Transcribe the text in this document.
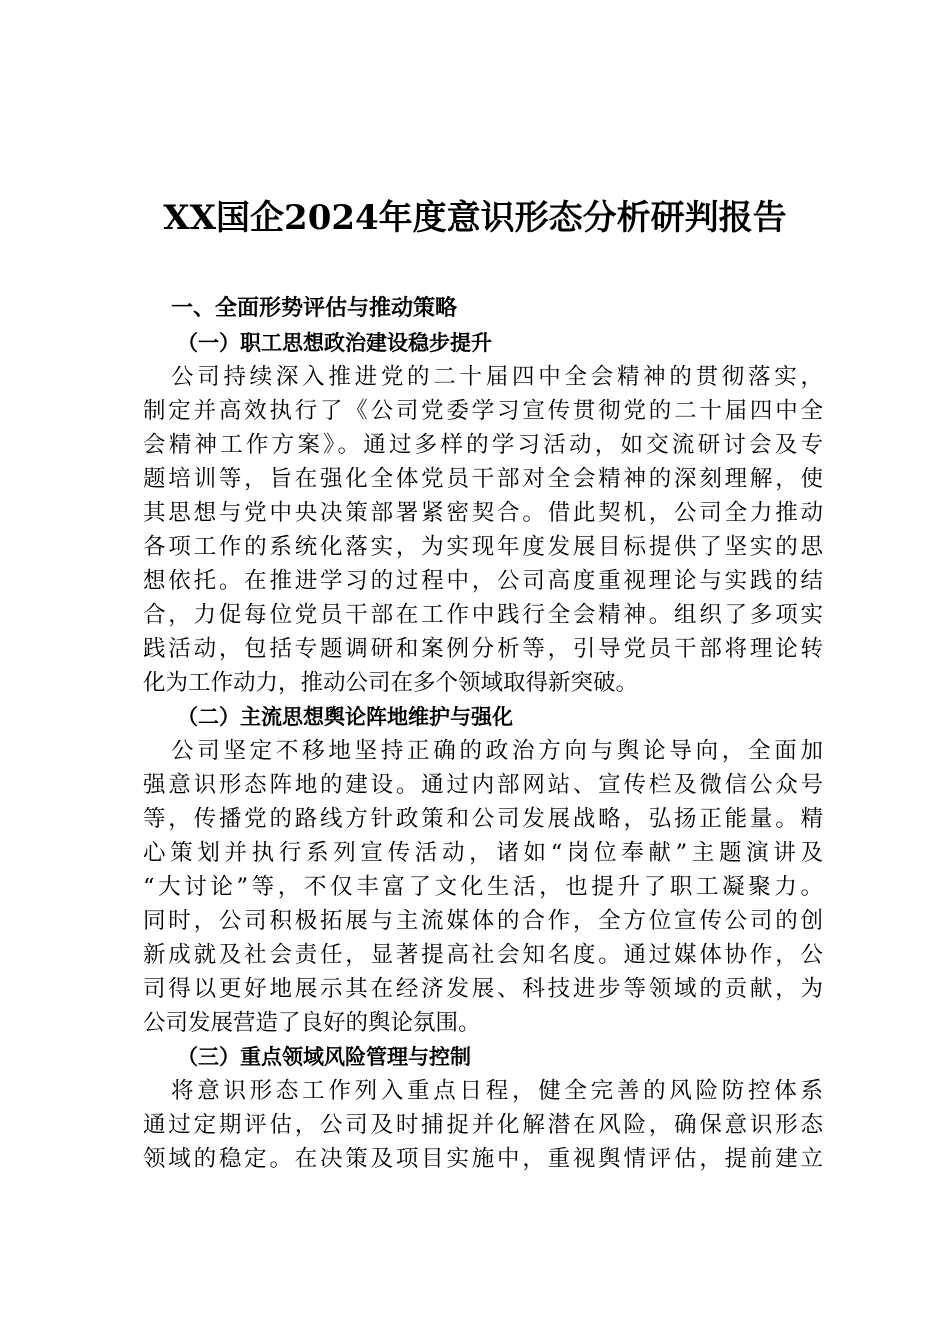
XX国企2024年度意识形态分析研判报告

一、全面形势评估与推动策略

（一）职工思想政治建设稳步提升

公司持续深入推进党的二十届四中全会精神的贯彻落实，

制定并高效执行了《公司党委学习宣传贯彻党的二十届四中全

会精神工作方案》。通过多样的学习活动，如交流研讨会及专

题培训等，旨在强化全体党员干部对全会精神的深刻理解，使

其思想与党中央决策部署紧密契合。借此契机，公司全力推动

各项工作的系统化落实，为实现年度发展目标提供了坚实的思

想依托。在推进学习的过程中，公司高度重视理论与实践的结

合，力促每位党员干部在工作中践行全会精神。组织了多项实

践活动，包括专题调研和案例分析等，引导党员干部将理论转

化为工作动力，推动公司在多个领域取得新突破。

（二）主流思想舆论阵地维护与强化

公司坚定不移地坚持正确的政治方向与舆论导向，全面加

强意识形态阵地的建设。通过内部网站、宣传栏及微信公众号

等，传播党的路线方针政策和公司发展战略，弘扬正能量。精

心策划并执行系列宣传活动，诸如“岗位奉献”主题演讲及

“大讨论”等，不仅丰富了文化生活，也提升了职工凝聚力。

同时，公司积极拓展与主流媒体的合作，全方位宣传公司的创

新成就及社会责任，显著提高社会知名度。通过媒体协作，公

司得以更好地展示其在经济发展、科技进步等领域的贡献，为

公司发展营造了良好的舆论氛围。

（三）重点领域风险管理与控制

将意识形态工作列入重点日程，健全完善的风险防控体系

通过定期评估，公司及时捕捉并化解潜在风险，确保意识形态

领域的稳定。在决策及项目实施中，重视舆情评估，提前建立
